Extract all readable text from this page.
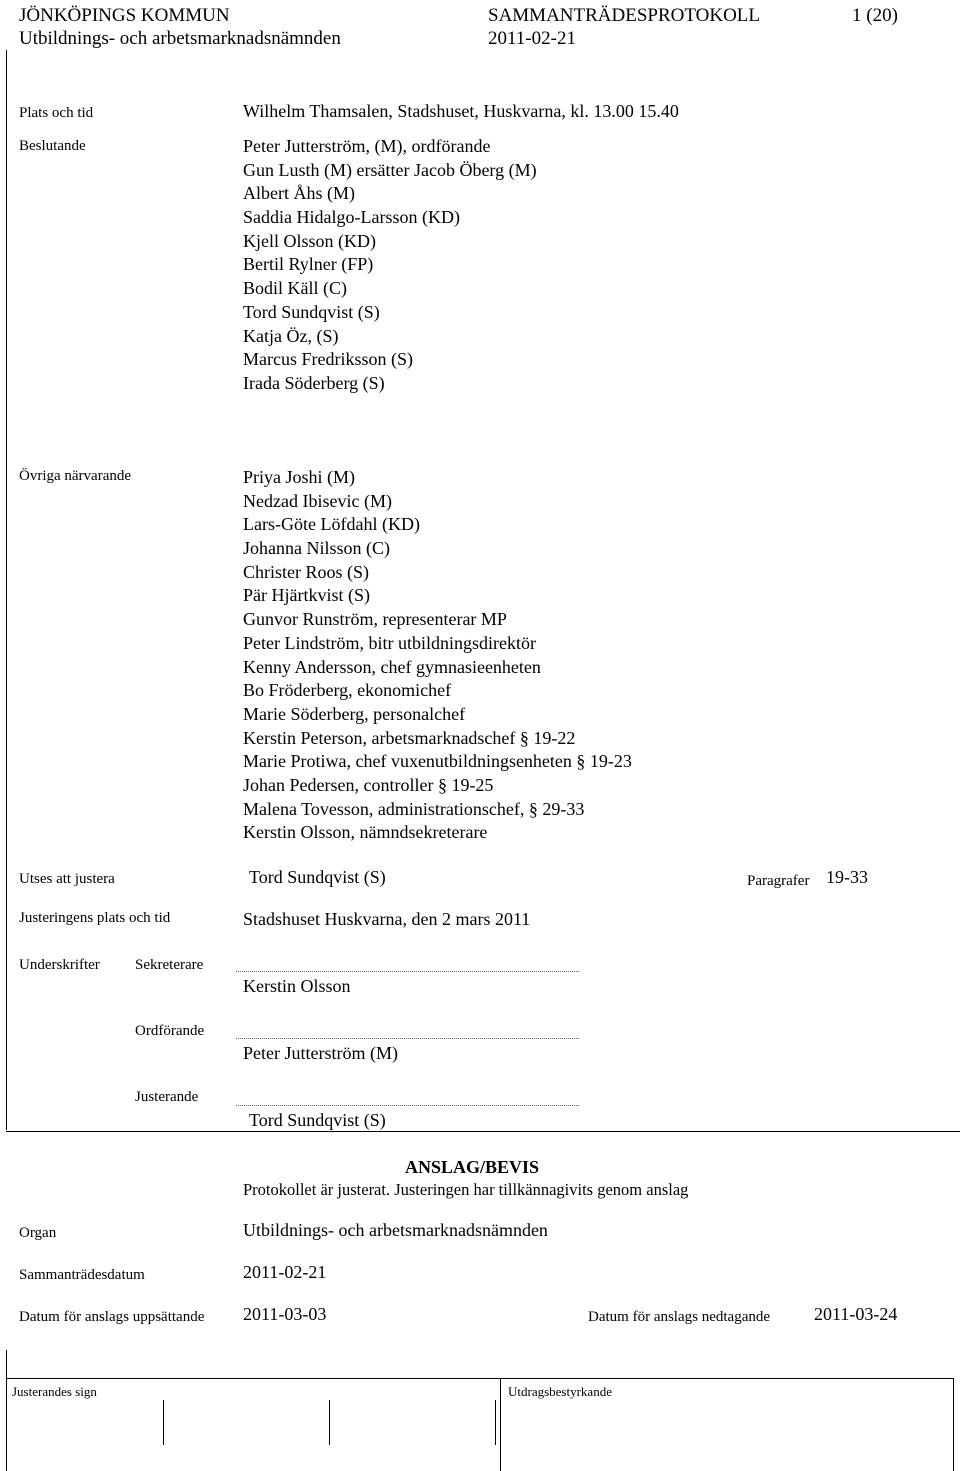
JÖNKÖPINGS KOMMUN
Utbildnings- och arbetsmarknadsnämnden
SAMMANTRÄDESPROTOKOLL
2011-02-21
1 (20)
Plats och tid	Wilhelm Thamsalen, Stadshuset, Huskvarna, kl. 13.00 15.40
Beslutande	Peter Jutterström, (M), ordförande
Gun Lusth (M) ersätter Jacob Öberg (M)
Albert Åhs (M)
Saddia Hidalgo-Larsson (KD)
Kjell Olsson (KD)
Bertil Rylner (FP)
Bodil Käll (C)
Tord Sundqvist (S)
Katja Öz, (S)
Marcus Fredriksson (S)
Irada Söderberg (S)
Övriga närvarande	Priya Joshi (M)
Nedzad Ibisevic (M)
Lars-Göte Löfdahl (KD)
Johanna Nilsson (C)
Christer Roos (S)
Pär Hjärtkvist (S)
Gunvor Runström, representerar MP
Peter Lindström, bitr utbildningsdirektör
Kenny Andersson, chef gymnasieenheten
Bo Fröderberg, ekonomichef
Marie Söderberg, personalchef
Kerstin Peterson, arbetsmarknadschef § 19-22
Marie Protiwa, chef vuxenutbildningsenheten § 19-23
Johan Pedersen, controller § 19-25
Malena Tovesson, administrationschef, § 29-33
Kerstin Olsson, nämndsekreterare
Utses att justera	Tord Sundqvist (S)	Paragrafer 19-33
Justeringens plats och tid	Stadshuset Huskvarna, den 2 mars 2011
Underskrifter Sekreterare
Kerstin Olsson
Ordförande
Peter Jutterström (M)
Justerande
Tord Sundqvist (S)
ANSLAG/BEVIS
Protokollet är justerat. Justeringen har tillkännagivits genom anslag
Organ	Utbildnings- och arbetsmarknadsnämnden
Sammanträdesdatum	2011-02-21
Datum för anslags uppsättande 2011-03-03	Datum för anslags nedtagande 2011-03-24
Justerandes sign	Utdragsbestyrkande
